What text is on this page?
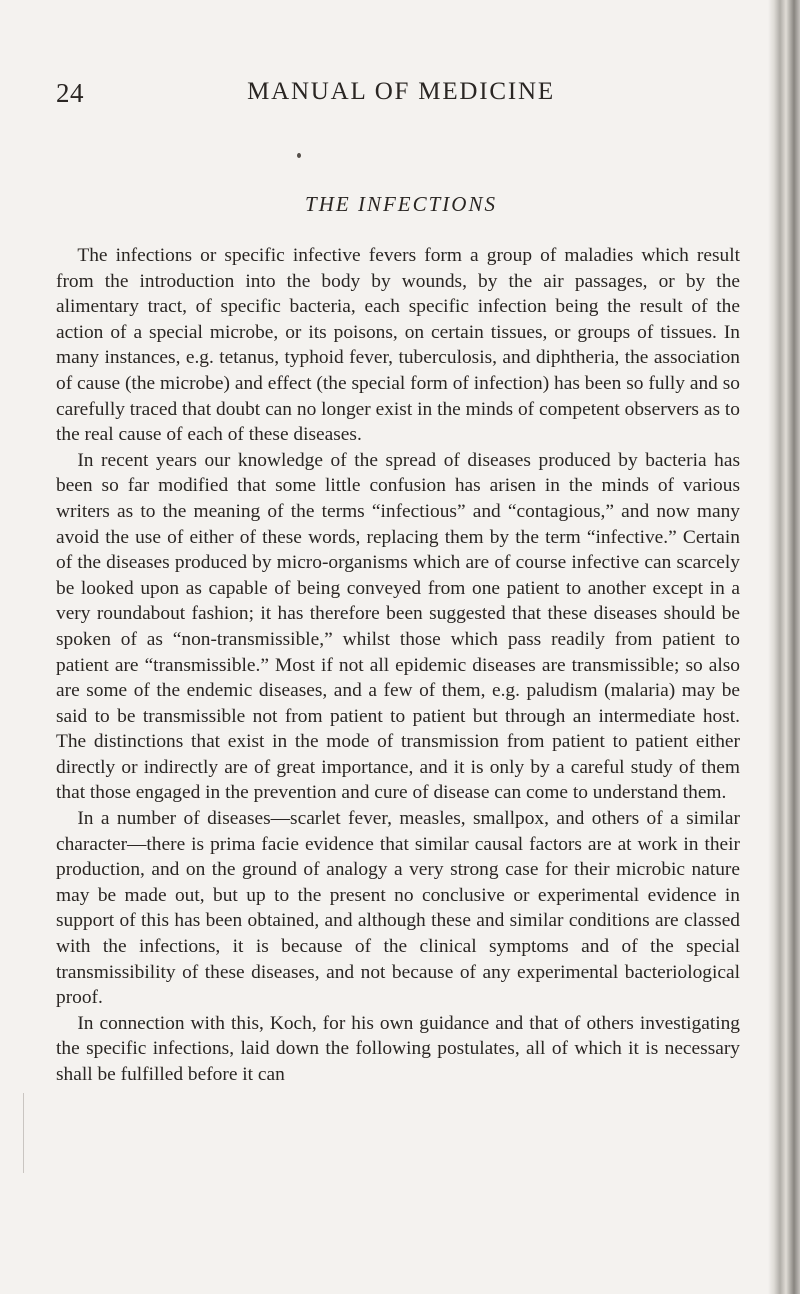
24	MANUAL OF MEDICINE
THE INFECTIONS

The infections or specific infective fevers form a group of maladies which result from the introduction into the body by wounds, by the air passages, or by the alimentary tract, of specific bacteria, each specific infection being the result of the action of a special microbe, or its poisons, on certain tissues, or groups of tissues. In many instances, e.g. tetanus, typhoid fever, tuberculosis, and diphtheria, the association of cause (the microbe) and effect (the special form of infection) has been so fully and so carefully traced that doubt can no longer exist in the minds of competent observers as to the real cause of each of these diseases.

In recent years our knowledge of the spread of diseases produced by bacteria has been so far modified that some little confusion has arisen in the minds of various writers as to the meaning of the terms “infectious” and “contagious,” and now many avoid the use of either of these words, replacing them by the term “infective.” Certain of the diseases produced by micro-organisms which are of course infective can scarcely be looked upon as capable of being conveyed from one patient to another except in a very roundabout fashion; it has therefore been suggested that these diseases should be spoken of as “non-transmissible,” whilst those which pass readily from patient to patient are “transmissible.” Most if not all epidemic diseases are transmissible; so also are some of the endemic diseases, and a few of them, e.g. paludism (malaria) may be said to be transmissible not from patient to patient but through an intermediate host. The distinctions that exist in the mode of transmission from patient to patient either directly or indirectly are of great importance, and it is only by a careful study of them that those engaged in the prevention and cure of disease can come to understand them.

In a number of diseases—scarlet fever, measles, smallpox, and others of a similar character—there is prima facie evidence that similar causal factors are at work in their production, and on the ground of analogy a very strong case for their microbic nature may be made out, but up to the present no conclusive or experimental evidence in support of this has been obtained, and although these and similar conditions are classed with the infections, it is because of the clinical symptoms and of the special transmissibility of these diseases, and not because of any experimental bacteriological proof.

In connection with this, Koch, for his own guidance and that of others investigating the specific infections, laid down the following postulates, all of which it is necessary shall be fulfilled before it can
